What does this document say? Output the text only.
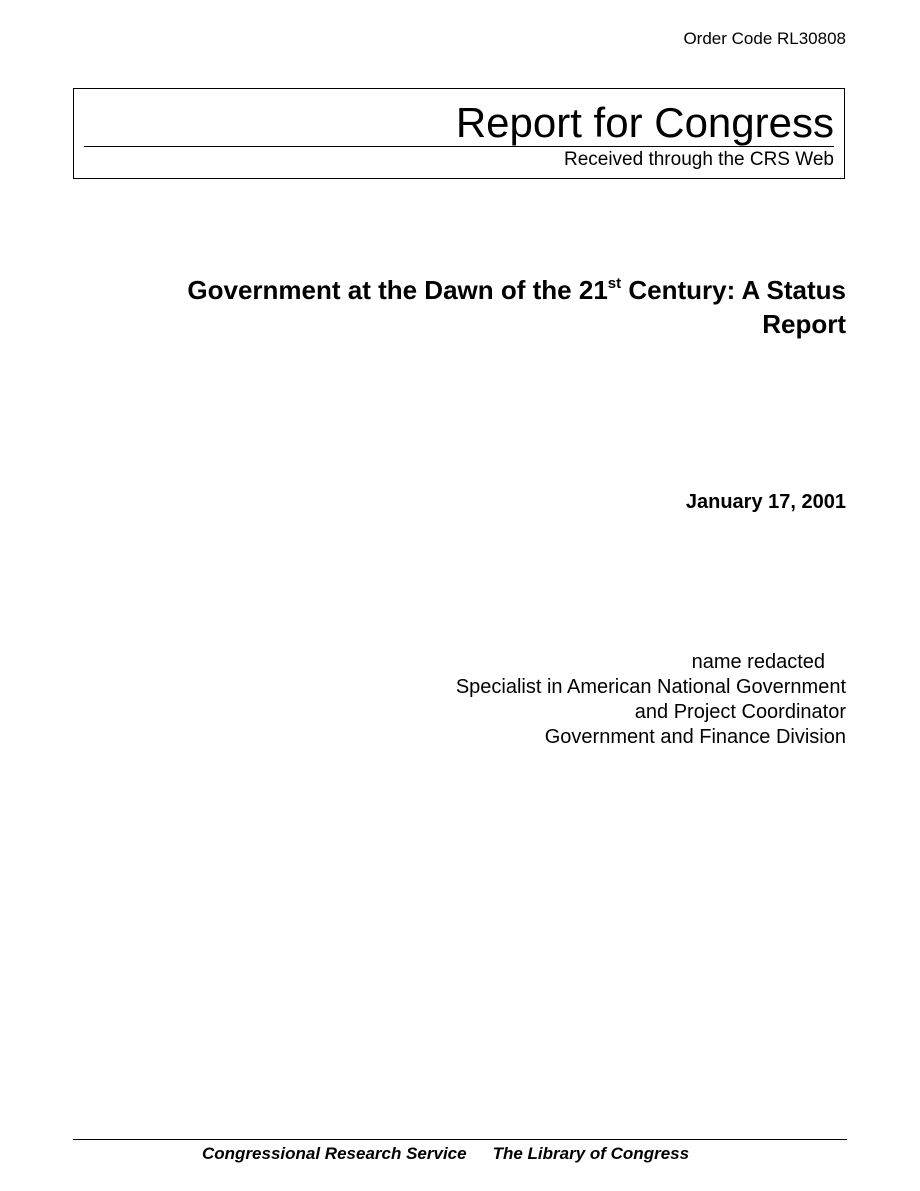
Order Code RL30808
Report for Congress
Received through the CRS Web
Government at the Dawn of the 21st Century: A Status Report
January 17, 2001
name redacted
Specialist in American National Government
and Project Coordinator
Government and Finance Division
Congressional Research Service The Library of Congress
